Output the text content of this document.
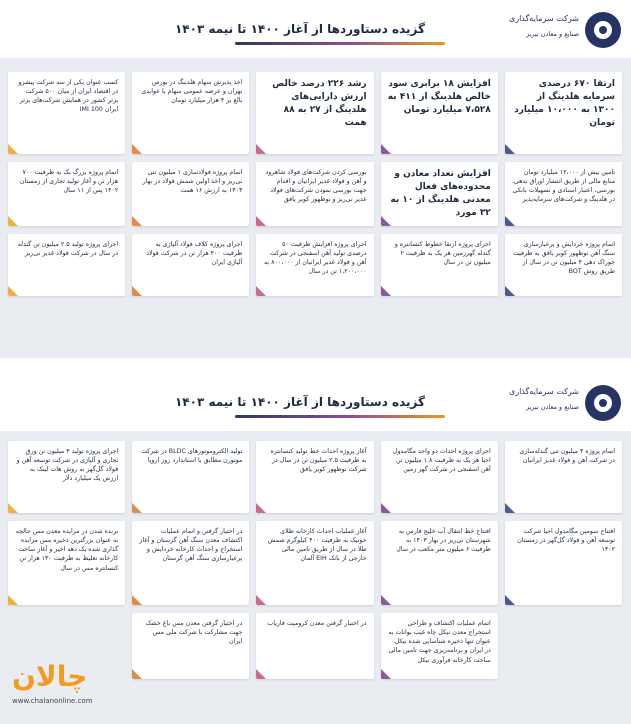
گزیده دستاوردها از آغاز ۱۴۰۰ تا نیمه ۱۴۰۳
شرکت سرمایه‌گذاری
صنایع و معادن نیریز
ارتقا ۶۷۰ درصدی سرمایه هلدینگ از ۱۳۰۰ به ۱۰،۰۰۰ میلیارد تومان
افزایش ۱۸ برابری سود خالص هلدینگ از ۴۱۱ به ۷،۵۲۸ میلیارد تومان
رشد ۲۲۶ درصد خالص ارزش دارایی‌های هلدینگ از ۲۷ به ۸۸ همت
اخذ پذیرش سهام هلدینگ در بورس تهران و عرضه عمومی سهام با عوایدی بالغ بر ۴ هزار میلیارد تومان
کسب عنوان یکی از سه شرکت پیشرو در اقتصاد ایران از میان ۵۰۰ شرکت برتر کشور در همایش شرکت‌های برتر ایران IMI 100
تامین بیش از ۱۲،۰۰۰ میلیارد تومان منابع مالی از طریق انتشار اوراق بدهی، بورسی، اعتبار اسنادی و تسهیلات بانکی در هلدینگ و شرکت‌های سرمایه‌پذیر
افزایش تعداد معادن و محدوده‌های فعال معدنی هلدینگ از ۱۰ به ۳۲ مورد
بورسی کردن شرکت‌های فولاد شاهرود و آهن و فولاد غدیر ایرانیان و اقدام جهت بورسی نمودن شرکت‌های فولاد غدیر نی‌ریز و نوظهور کویر یافق
اتمام پروژه فولادسازی ۱ میلیون تنی نی‌ریز و اخذ اولین شمش فولاد در بهار ۱۴۰۳ به ارزش ۱۶ همت
اتمام پروژه بزرگ یک به ظرفیت ۷۰۰ هزار تن و آغاز تولید تجاری از زمستان ۱۴۰۲ پس از ۱۱ سال
اتمام پروژه خردایش و پرعیارسازی سنگ آهن نوظهور کویر یافق به ظرفیت خوراک دهی ۴ میلیون تن در سال از طریق روش BOT
اجرای پروژه ارتقا خطوط کنسانتره و گندله گهرزمین هر یک به ظرفیت ۲ میلیون تن در سال
اجرای پروژه افزایش ظرفیت ۵۰ درصدی تولید آهن اسفنجی در شرکت آهن و فولاد غدیر ایرانیان از ۸۰۰،۰۰۰ به ۱،۲۰۰،۰۰۰ تن در سال
اجرای پروژه کلاف فولاد آلیاژی به ظرفیت ۴۰۰ هزار تن در شرکت فولاد آلیاژی ایران
اجرای پروژه تولید ۲.۵ میلیون تن گندله در سال در شرکت فولاد غدیر نی‌ریز
گزیده دستاوردها از آغاز ۱۴۰۰ تا نیمه ۱۴۰۳
شرکت سرمایه‌گذاری
صنایع و معادن نیریز
اتمام پروژه ۴ میلیون تنی گندله‌سازی در شرکت آهن و فولاد غدیر ایرانیان
اجرای پروژه احداث دو واحد مگامدول احیا هر یک به ظرفیت ۱.۸ میلیون تن آهن اسفنجی در شرکت گهر زمین
آغاز پروژه احداث خط تولید کنسانتره به ظرفیت ۲.۵ میلیون تن در سال در شرکت نوظهور کویر یافق
تولید الکتروموتورهای BLDC در شرکت موتورن مطابق با استاندارد روز اروپا
اجرای پروژه تولید ۳ میلیون تن ورق تجاری و آلیاژی در شرکت توسعه آهن و فولاد گل‌گهر به روش هات لینک به ارزش یک میلیارد دلار
افتتاح سومین مگامدول احیا شرکت توسعه آهن و فولاد گل‌گهر در زمستان ۱۴۰۲
افتتاح خط انتقال آب خلیج فارس به شهرستان نی‌ریز در بهار ۱۴۰۳ به ظرفیت ۶ میلیون متر مکعب در سال
آغاز عملیات احداث کارخانه طلای خونیک به ظرفیت ۴۰۰ کیلوگرم شمش طلا در سال از طریق تامین مالی خارجی از بانک EIH آلمان
در اختیار گرفتن و اتمام عملیات اکتشاف معدن سنگ آهن گزستان و آغاز استخراج و احداث کارخانه خردایش و پرعیارسازی سنگ آهن گزستان
برنده شدن در مزایده معدن مس جالچه به عنوان بزرگترین ذخیره مس مزایده گذاری شده یک دهه اخیر و آغاز ساخت کارخانه تغلیظ به ظرفیت ۱۳۰ هزار تن کنسانتره مس در سال
اتمام عملیات اکتشاف و طراحی استخراج معدن نیکل چاه غیب بوانات به عنوان تنها ذخیره شناسایی شده نیکل در ایران و برنامه‌ریزی جهت تامین مالی ساخت کارخانه فرآوری نیکل
در اختیار گرفتن معدن کرومیت فاریاب
در اختیار گرفتن معدن مس باغ خشک جهت مشارکت با شرکت ملی مس ایران
چالان
www.chalanonline.com
